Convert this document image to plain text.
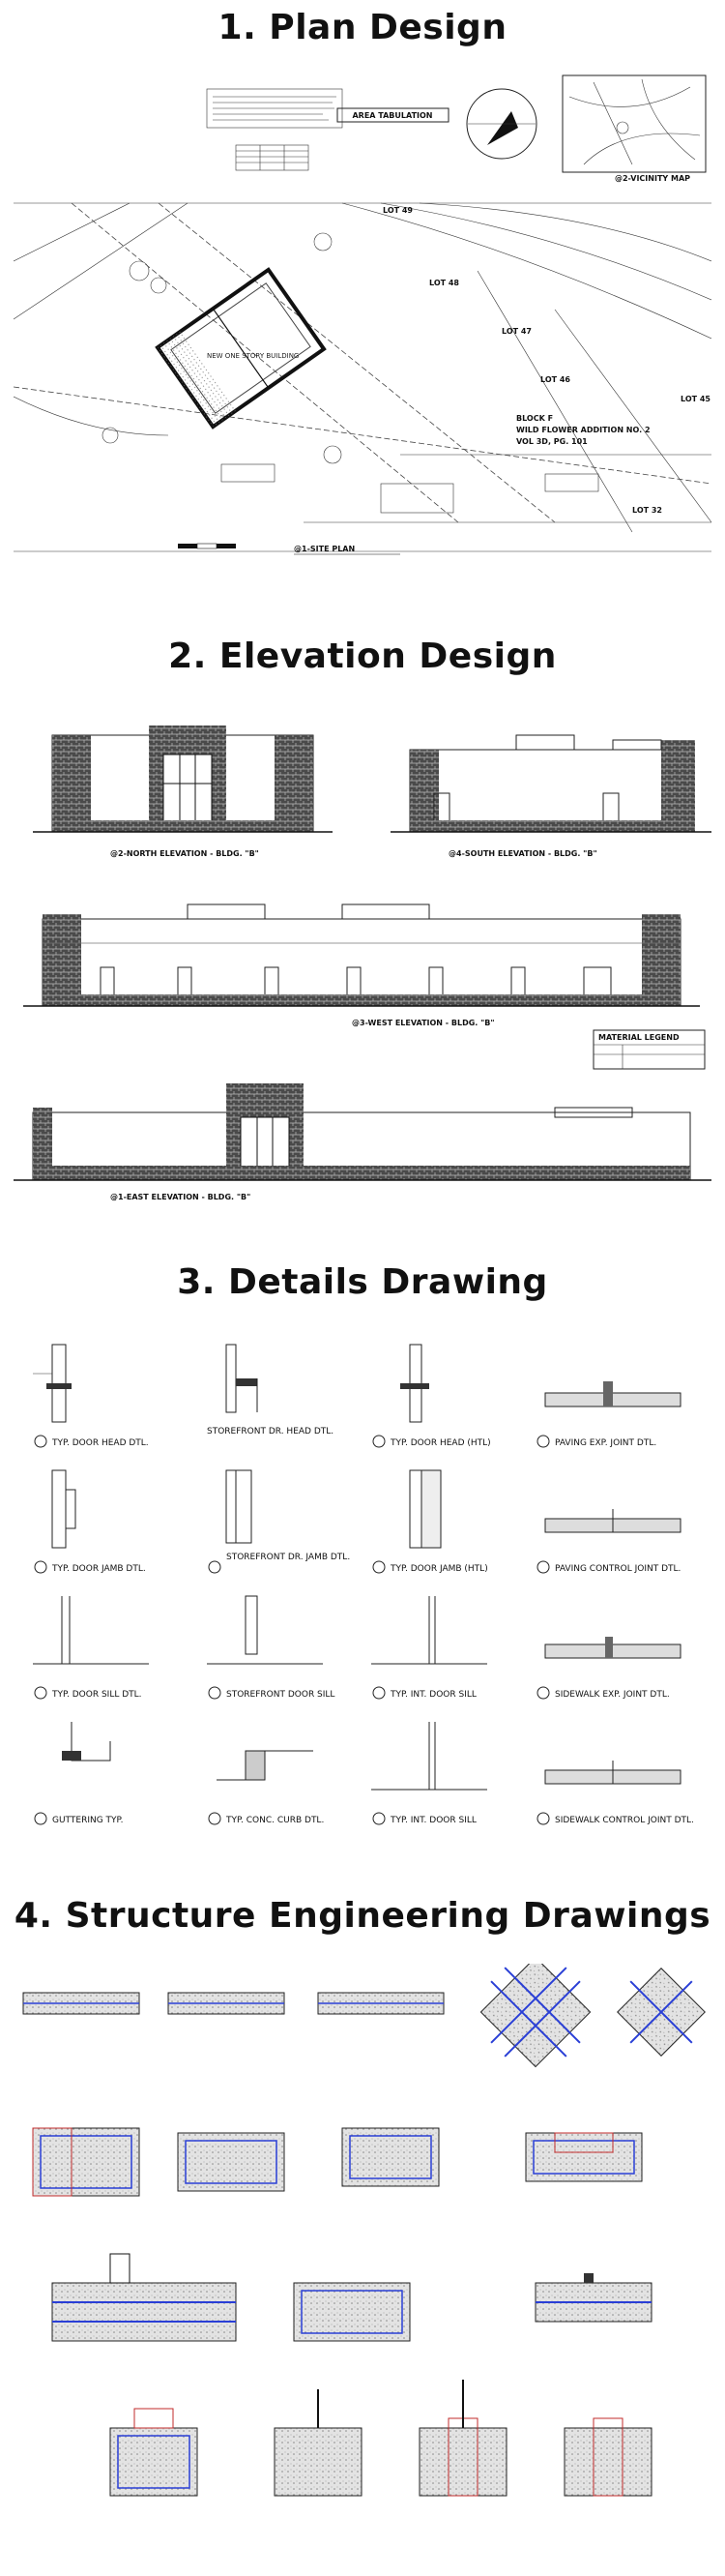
1. Plan Design
AREA TABULATION
@2-VICINITY MAP
NEW ONE STORY BUILDING
LOT 49
LOT 48
LOT 47
LOT 46
LOT 45
LOT 32
BLOCK F
WILD FLOWER ADDITION NO. 2
VOL 3D, PG. 101
@1-SITE PLAN
2. Elevation Design
@2-NORTH ELEVATION - BLDG. "B"	@4-SOUTH ELEVATION - BLDG. "B"
@3-WEST ELEVATION - BLDG. "B"
MATERIAL LEGEND
@1-EAST ELEVATION - BLDG. "B"
3. Details Drawing
TYP. DOOR HEAD DTL.
STOREFRONT DR. HEAD DTL.
TYP. DOOR HEAD (HTL)	PAVING EXP. JOINT DTL.
TYP. DOOR JAMB DTL.
STOREFRONT DR. JAMB DTL.
TYP. DOOR JAMB (HTL)	PAVING CONTROL JOINT DTL.
TYP. DOOR SILL DTL.	STOREFRONT DOOR SILL	TYP. INT. DOOR SILL	SIDEWALK EXP. JOINT DTL.
GUTTERING TYP.	TYP. CONC. CURB DTL.	TYP. INT. DOOR SILL	SIDEWALK CONTROL JOINT DTL.
4. Structure Engineering Drawings
